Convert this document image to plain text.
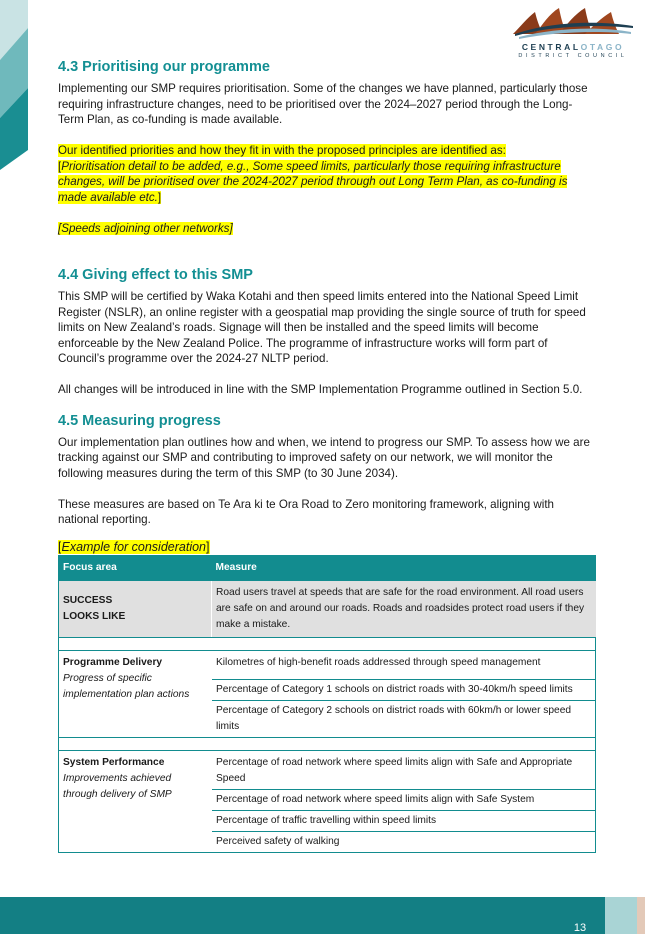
CENTRALOTAGO
DISTRICT COUNCIL
4.3 Prioritising our programme

Implementing our SMP requires prioritisation. Some of the changes we have planned, particularly those requiring infrastructure changes, need to be prioritised over the 2024–2027 period through the Long-Term Plan, as co-funding is made available.

Our identified priorities and how they fit in with the proposed principles are identified as:
[Prioritisation detail to be added, e.g., Some speed limits, particularly those requiring infrastructure changes, will be prioritised over the 2024-2027 period through out Long Term Plan, as co-funding is made available etc.]

[Speeds adjoining other networks]

4.4 Giving effect to this SMP

This SMP will be certified by Waka Kotahi and then speed limits entered into the National Speed Limit Register (NSLR), an online register with a geospatial map providing the single source of truth for speed limits on New Zealand’s roads. Signage will then be installed and the speed limits will become enforceable by the New Zealand Police. The programme of infrastructure works will form part of Council’s programme over the 2024-27 NLTP period.

All changes will be introduced in line with the SMP Implementation Programme outlined in Section 5.0.

4.5 Measuring progress

Our implementation plan outlines how and when, we intend to progress our SMP. To assess how we are tracking against our SMP and contributing to improved safety on our network, we will monitor the following measures during the term of this SMP (to 30 June 2034).

These measures are based on Te Ara ki te Ora Road to Zero monitoring framework, aligning with national reporting.

[Example for consideration]

Focus area	Measure
SUCCESS
LOOKS LIKE	Road users travel at speeds that are safe for the road environment. All road users are safe on and around our roads. Roads and roadsides protect road users if they make a mistake.

Programme Delivery
Progress of specific implementation plan actions	Kilometres of high-benefit roads addressed through speed management
	Percentage of Category 1 schools on district roads with 30-40km/h speed limits
	Percentage of Category 2 schools on district roads with 60km/h or lower speed limits

System Performance
Improvements achieved through delivery of SMP	Percentage of road network where speed limits align with Safe and Appropriate Speed
	Percentage of road network where speed limits align with Safe System
	Percentage of traffic travelling within speed limits
	Perceived safety of walking
13
